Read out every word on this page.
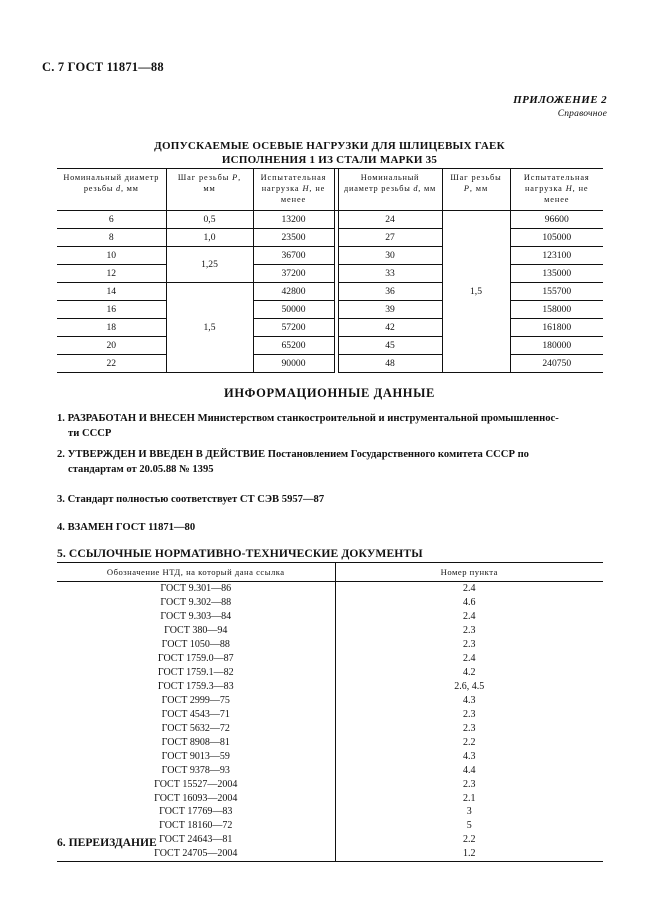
С. 7 ГОСТ 11871—88
ПРИЛОЖЕНИЕ 2
Справочное
ДОПУСКАЕМЫЕ ОСЕВЫЕ НАГРУЗКИ ДЛЯ ШЛИЦЕВЫХ ГАЕК
ИСПОЛНЕНИЯ 1 ИЗ СТАЛИ МАРКИ 35
Номинальный диаметр резьбы d, мм	Шаг резьбы P, мм	Испытательная нагрузка H, не менее		Номинальный диаметр резьбы d, мм	Шаг резьбы P, мм	Испытательная нагрузка H, не менее
6	0,5	13200		24	1,5	96600
8	1,0	23500		27		105000
10	1,25	36700		30		123100
12		37200		33		135000
14	1,5	42800		36		155700
16		50000		39		158000
18		57200		42		161800
20		65200		45		180000
22		90000		48		240750
ИНФОРМАЦИОННЫЕ ДАННЫЕ
1. РАЗРАБОТАН И ВНЕСЕН Министерством станкостроительной и инструментальной промышленнос-
ти СССР
2. УТВЕРЖДЕН И ВВЕДЕН В ДЕЙСТВИЕ Постановлением Государственного комитета СССР по
стандартам от 20.05.88 № 1395
3. Стандарт полностью соответствует СТ СЭВ 5957—87
4. ВЗАМЕН ГОСТ 11871—80
5. ССЫЛОЧНЫЕ НОРМАТИВНО-ТЕХНИЧЕСКИЕ ДОКУМЕНТЫ
Обозначение НТД, на который дана ссылка	Номер пункта
ГОСТ 9.301—86	2.4
ГОСТ 9.302—88	4.6
ГОСТ 9.303—84	2.4
ГОСТ 380—94	2.3
ГОСТ 1050—88	2.3
ГОСТ 1759.0—87	2.4
ГОСТ 1759.1—82	4.2
ГОСТ 1759.3—83	2.6, 4.5
ГОСТ 2999—75	4.3
ГОСТ 4543—71	2.3
ГОСТ 5632—72	2.3
ГОСТ 8908—81	2.2
ГОСТ 9013—59	4.3
ГОСТ 9378—93	4.4
ГОСТ 15527—2004	2.3
ГОСТ 16093—2004	2.1
ГОСТ 17769—83	3
ГОСТ 18160—72	5
ГОСТ 24643—81	2.2
ГОСТ 24705—2004	1.2
6. ПЕРЕИЗДАНИЕ
